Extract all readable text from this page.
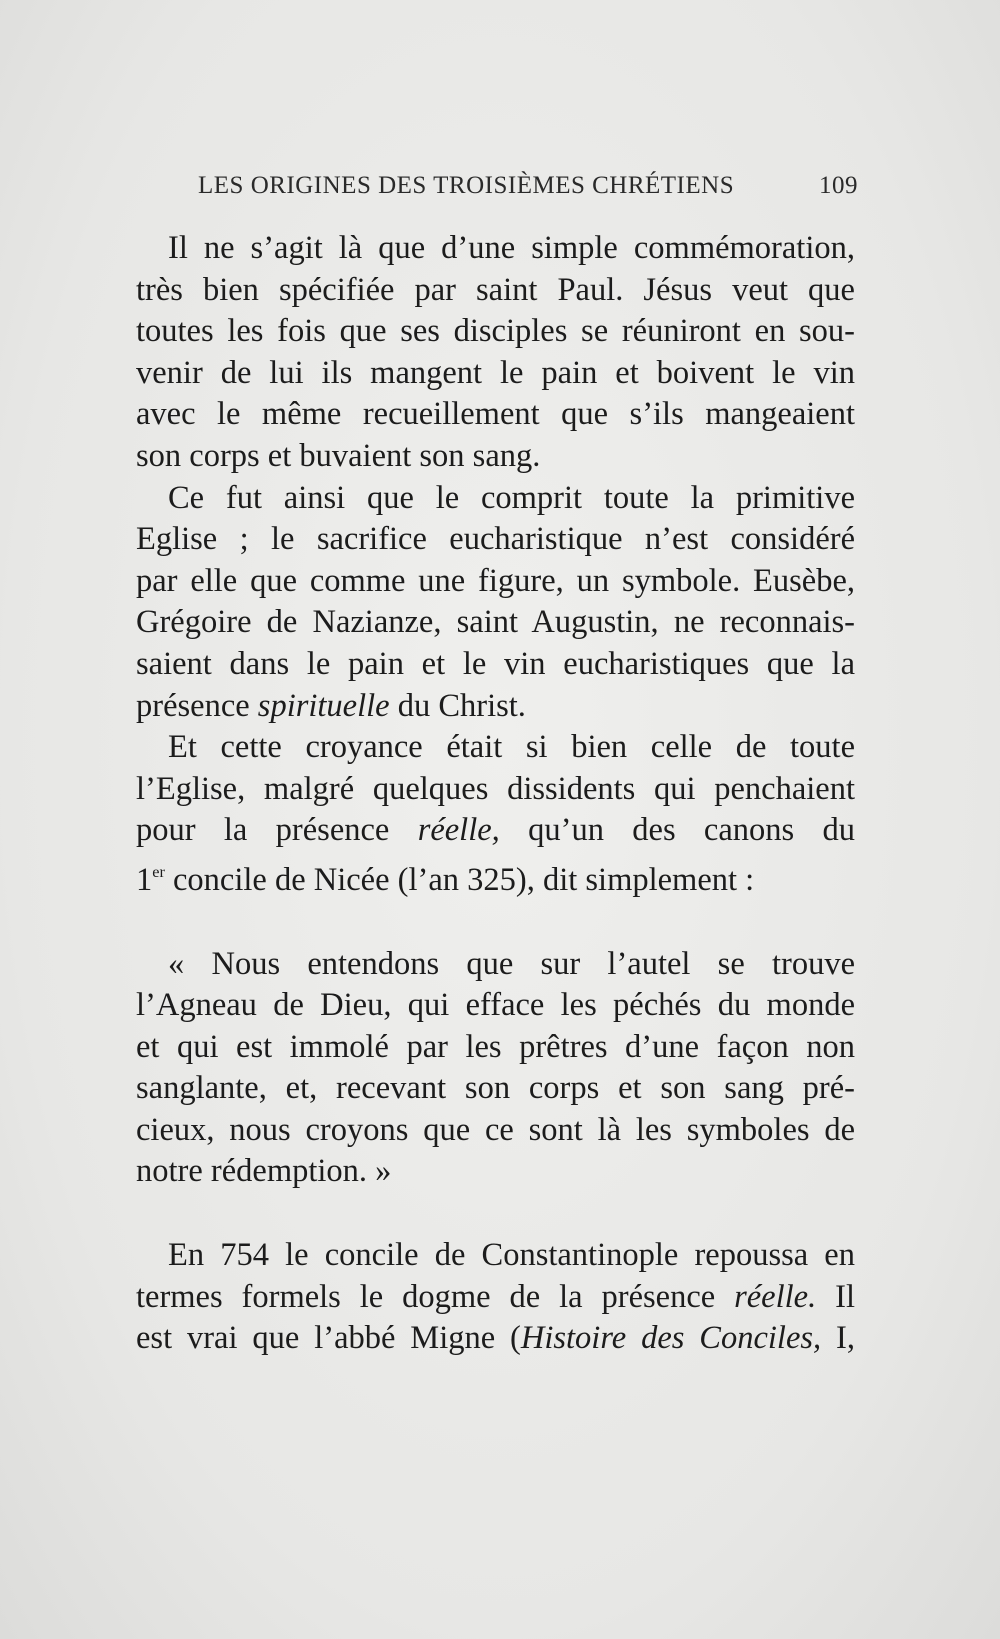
LES ORIGINES DES TROISIÈMES CHRÉTIENS	109
Il ne s’agit là que d’une simple commémoration,
très bien spécifiée par saint Paul. Jésus veut que
toutes les fois que ses disciples se réuniront en sou-
venir de lui ils mangent le pain et boivent le vin
avec le même recueillement que s’ils mangeaient
son corps et buvaient son sang.
Ce fut ainsi que le comprit toute la primitive
Eglise ; le sacrifice eucharistique n’est considéré
par elle que comme une figure, un symbole. Eusèbe,
Grégoire de Nazianze, saint Augustin, ne reconnais-
saient dans le pain et le vin eucharistiques que la
présence spirituelle du Christ.
Et cette croyance était si bien celle de toute
l’Eglise, malgré quelques dissidents qui penchaient
pour la présence réelle, qu’un des canons du
1er concile de Nicée (l’an 325), dit simplement :
« Nous entendons que sur l’autel se trouve
l’Agneau de Dieu, qui efface les péchés du monde
et qui est immolé par les prêtres d’une façon non
sanglante, et, recevant son corps et son sang pré-
cieux, nous croyons que ce sont là les symboles de
notre rédemption. »
En 754 le concile de Constantinople repoussa en
termes formels le dogme de la présence réelle. Il
est vrai que l’abbé Migne (Histoire des Conciles, I,
